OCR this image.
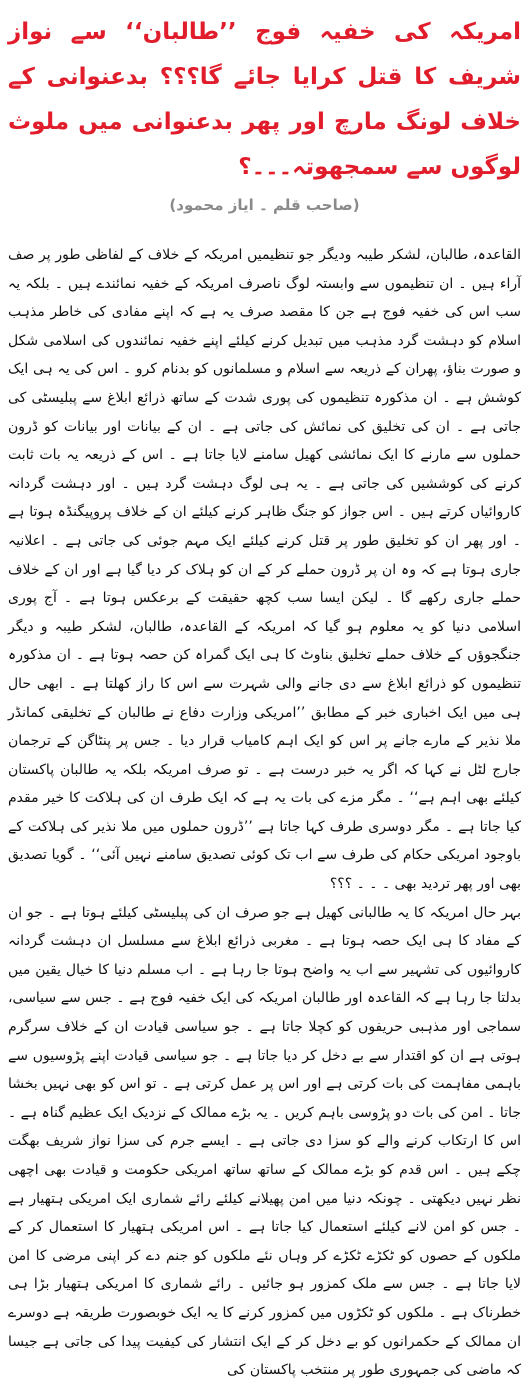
امریکہ کی خفیہ فوج ’’طالبان‘‘ سے نواز شریف کا قتل کرایا جائے گا؟؟؟ بدعنوانی کے خلاف لونگ مارچ اور پھر بدعنوانی میں ملوث لوگوں سے سمجھوتہ۔۔۔؟
(صاحب قلم ۔ ایاز محمود)

القاعدہ، طالبان، لشکر طیبہ ودیگر جو تنظیمیں امریکہ کے خلاف کے لفاظی طور پر صف آراء ہیں ۔ ان تنظیموں سے وابستہ لوگ ناصرف امریکہ کے خفیہ نمائندے ہیں ۔ بلکہ یہ سب اس کی خفیہ فوج ہے جن کا مقصد صرف یہ ہے کہ اپنے مفادی کی خاطر مذہب اسلام کو دہشت گرد مذہب میں تبدیل کرنے کیلئے اپنے خفیہ نمائندوں کی اسلامی شکل و صورت بناؤ، پھران کے ذریعہ سے اسلام و مسلمانوں کو بدنام کرو ۔ اس کی یہ ہی ایک کوشش ہے ۔ ان مذکورہ تنظیموں کی پوری شدت کے ساتھ ذرائع ابلاغ سے پبلیسٹی کی جاتی ہے ۔ ان کی تخلیق کی نمائش کی جاتی ہے ۔ ان کے بیانات اور بیانات کو ڈرون حملوں سے مارنے کا ایک نمائشی کھیل سامنے لایا جاتا ہے ۔ اس کے ذریعہ یہ بات ثابت کرنے کی کوششیں کی جاتی ہے ۔ یہ ہی لوگ دہشت گرد ہیں ۔ اور دہشت گردانہ کاروائیاں کرتے ہیں ۔ اس جواز کو جنگ ظاہر کرنے کیلئے ان کے خلاف پروپیگنڈہ ہوتا ہے ۔ اور پھر ان کو تخلیق طور پر قتل کرنے کیلئے ایک مہم جوئی کی جاتی ہے ۔ اعلانیہ جاری ہوتا ہے کہ وہ ان پر ڈرون حملے کر کے ان کو ہلاک کر دیا گیا ہے اور ان کے خلاف حملے جاری رکھے گا ۔ لیکن ایسا سب کچھ حقیقت کے برعکس ہوتا ہے ۔ آج پوری اسلامی دنیا کو یہ معلوم ہو گیا کہ امریکہ کے القاعدہ، طالبان، لشکر طیبہ و دیگر جنگجوؤں کے خلاف حملے تخلیق بناوٹ کا ہی ایک گمراہ کن حصہ ہوتا ہے ۔ ان مذکورہ تنظیموں کو ذرائع ابلاغ سے دی جانے والی شہرت سے اس کا راز کھلتا ہے ۔ ابھی حال ہی میں ایک اخباری خبر کے مطابق ’’امریکی وزارت دفاع نے طالبان کے تخلیقی کمانڈر ملا نذیر کے مارے جانے پر اس کو ایک اہم کامیاب قرار دیا ۔ جس پر پنٹاگن کے ترجمان جارج لٹل نے کہا کہ اگر یہ خبر درست ہے ۔ تو صرف امریکہ بلکہ یہ طالبان پاکستان کیلئے بھی اہم ہے‘‘ ۔ مگر مزے کی بات یہ ہے کہ ایک طرف ان کی ہلاکت کا خیر مقدم کیا جاتا ہے ۔ مگر دوسری طرف کہا جاتا ہے ’’ڈرون حملوں میں ملا نذیر کی ہلاکت کے باوجود امریکی حکام کی طرف سے اب تک کوئی تصدیق سامنے نہیں آئی‘‘ ۔ گویا تصدیق بھی اور پھر تردید بھی ۔ ۔ ۔ ؟؟؟

بہر حال امریکہ کا یہ طالبانی کھیل ہے جو صرف ان کی پبلیسٹی کیلئے ہوتا ہے ۔ جو ان کے مفاد کا ہی ایک حصہ ہوتا ہے ۔ مغربی ذرائع ابلاغ سے مسلسل ان دہشت گردانہ کاروائیوں کی تشہیر سے اب یہ واضح ہوتا جا رہا ہے ۔ اب مسلم دنیا کا خیال یقین میں بدلتا جا رہا ہے کہ القاعدہ اور طالبان امریکہ کی ایک خفیہ فوج ہے ۔ جس سے سیاسی، سماجی اور مذہبی حریفوں کو کچلا جاتا ہے ۔ جو سیاسی قیادت ان کے خلاف سرگرم ہوتی ہے ان کو اقتدار سے بے دخل کر دیا جاتا ہے ۔ جو سیاسی قیادت اپنے پڑوسیوں سے باہمی مفاہمت کی بات کرتی ہے اور اس پر عمل کرتی ہے ۔ تو اس کو بھی نہیں بخشا جاتا ۔ امن کی بات دو پڑوسی باہم کریں ۔ یہ بڑے ممالک کے نزدیک ایک عظیم گناہ ہے ۔ اس کا ارتکاب کرنے والے کو سزا دی جاتی ہے ۔ ایسے جرم کی سزا نواز شریف بھگت چکے ہیں ۔ اس قدم کو بڑے ممالک کے ساتھ ساتھ امریکی حکومت و قیادت بھی اچھی نظر نہیں دیکھتی ۔ چونکہ دنیا میں امن پھیلانے کیلئے رائے شماری ایک امریکی ہتھیار ہے ۔ جس کو امن لانے کیلئے استعمال کیا جاتا ہے ۔ اس امریکی ہتھیار کا استعمال کر کے ملکوں کے حصوں کو ٹکڑے ٹکڑے کر وہاں نئے ملکوں کو جنم دے کر اپنی مرضی کا امن لایا جاتا ہے ۔ جس سے ملک کمزور ہو جائیں ۔ رائے شماری کا امریکی ہتھیار بڑا ہی خطرناک ہے ۔ ملکوں کو ٹکڑوں میں کمزور کرنے کا یہ ایک خوبصورت طریقہ ہے دوسرے ان ممالک کے حکمرانوں کو بے دخل کر کے ایک انتشار کی کیفیت پیدا کی جاتی ہے جیسا کہ ماضی کی جمہوری طور پر منتخب پاکستان کی
